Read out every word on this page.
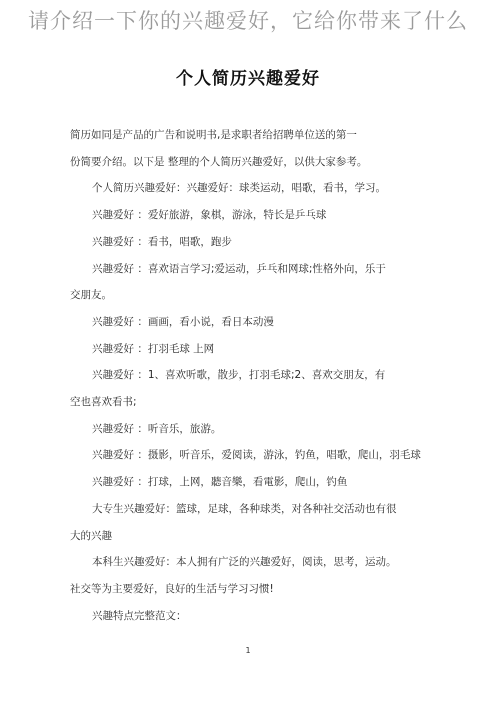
请介绍一下你的兴趣爱好，它给你带来了什么
个人简历兴趣爱好
简历如同是产品的广告和说明书,是求职者给招聘单位送的第一
份简要介绍。以下是 整理的个人简历兴趣爱好，以供大家参考。
个人简历兴趣爱好：兴趣爱好：球类运动，唱歌，看书，学习。
兴趣爱好 ：爱好旅游，象棋，游泳，特长是乒乓球
兴趣爱好 ：看书，唱歌，跑步
兴趣爱好 ：喜欢语言学习;爱运动，乒乓和网球;性格外向，乐于
交朋友。
兴趣爱好 ：画画，看小说，看日本动漫
兴趣爱好 ：打羽毛球 上网
兴趣爱好 ：1、喜欢听歌，散步，打羽毛球;2、喜欢交朋友，有
空也喜欢看书;
兴趣爱好 ：听音乐，旅游。
兴趣爱好 ：摄影，听音乐，爱阅读，游泳，钓鱼，唱歌，爬山，羽毛球
兴趣爱好 ：打球，上网，聽音樂，看電影，爬山，钓鱼
大专生兴趣爱好：篮球，足球，各种球类，对各种社交活动也有很
大的兴趣
本科生兴趣爱好：本人拥有广泛的兴趣爱好，阅读，思考，运动。
社交等为主要爱好，良好的生活与学习习惯!
兴趣特点完整范文：
1
